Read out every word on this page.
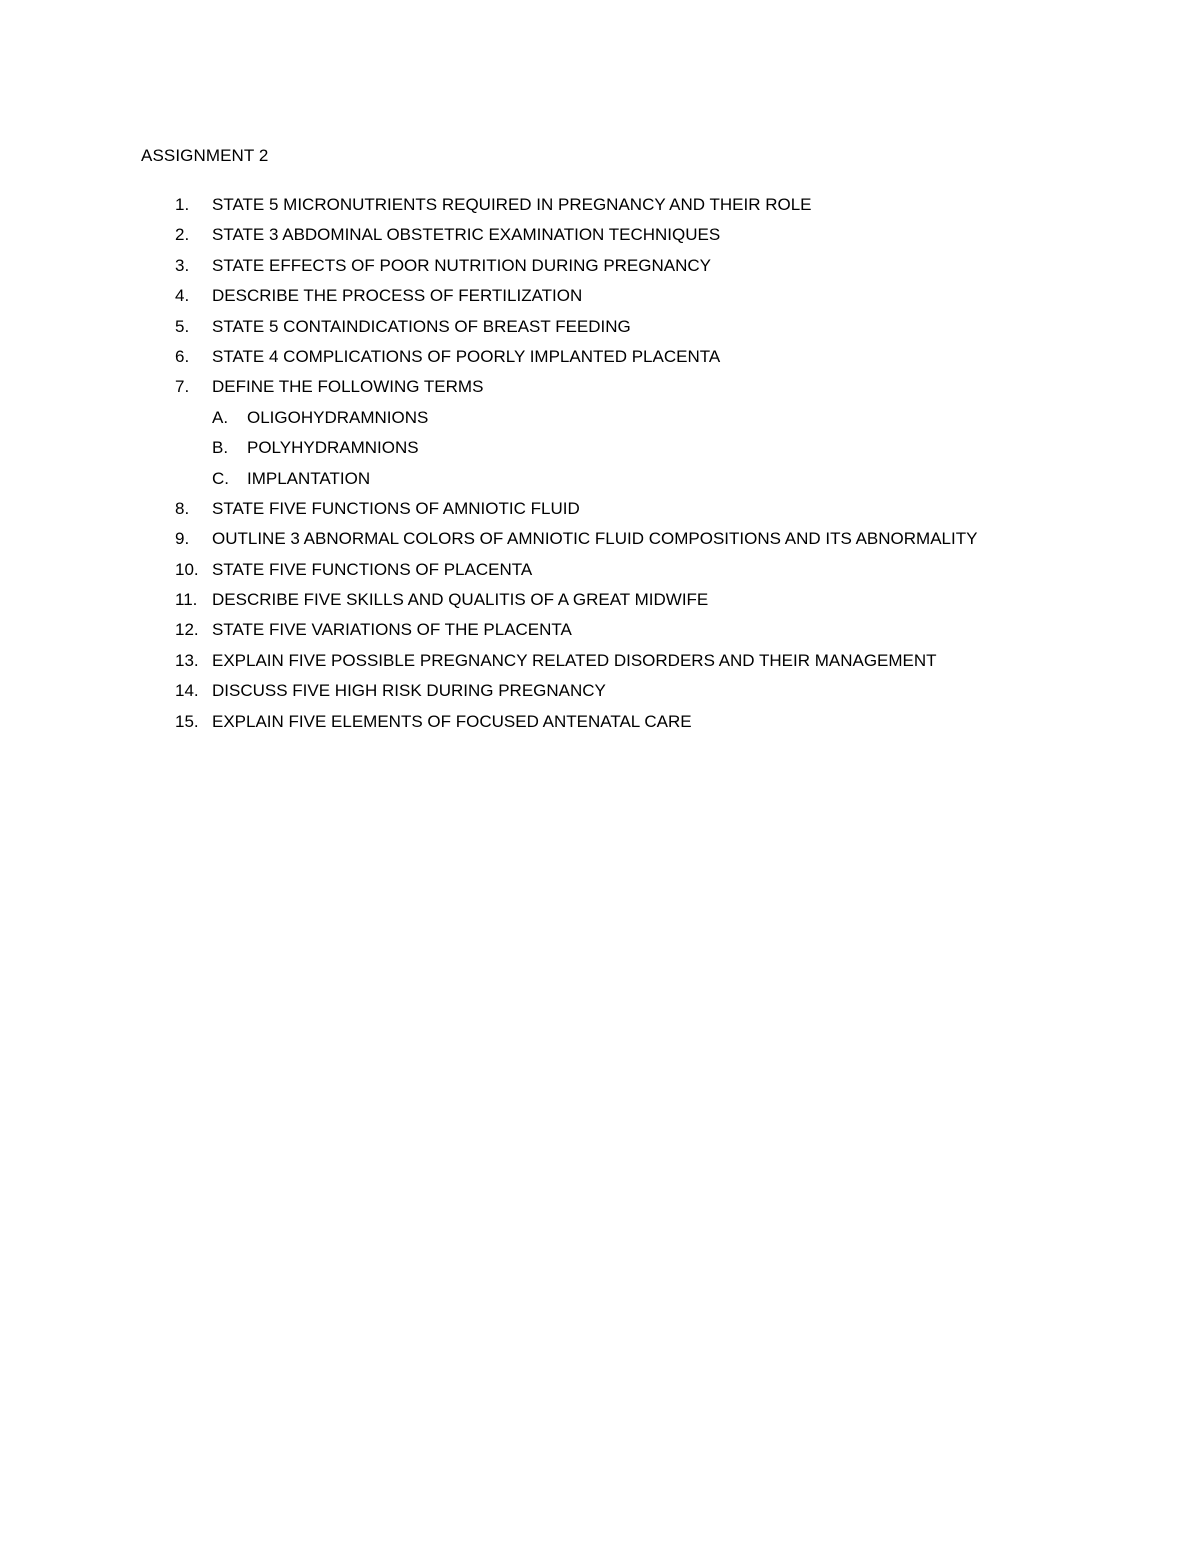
ASSIGNMENT 2
1. STATE 5 MICRONUTRIENTS REQUIRED IN PREGNANCY AND THEIR ROLE
2. STATE 3 ABDOMINAL OBSTETRIC EXAMINATION TECHNIQUES
3. STATE EFFECTS OF POOR NUTRITION DURING PREGNANCY
4. DESCRIBE THE PROCESS OF FERTILIZATION
5. STATE 5 CONTAINDICATIONS OF BREAST FEEDING
6. STATE 4 COMPLICATIONS OF POORLY IMPLANTED PLACENTA
7. DEFINE THE FOLLOWING TERMS
A. OLIGOHYDRAMNIONS
B. POLYHYDRAMNIONS
C. IMPLANTATION
8. STATE FIVE FUNCTIONS OF AMNIOTIC FLUID
9. OUTLINE 3 ABNORMAL COLORS OF AMNIOTIC FLUID COMPOSITIONS AND ITS ABNORMALITY
10. STATE FIVE FUNCTIONS OF PLACENTA
11. DESCRIBE FIVE SKILLS AND QUALITIS OF A GREAT MIDWIFE
12. STATE FIVE VARIATIONS OF THE PLACENTA
13. EXPLAIN FIVE POSSIBLE PREGNANCY RELATED DISORDERS AND THEIR MANAGEMENT
14. DISCUSS FIVE HIGH RISK DURING PREGNANCY
15. EXPLAIN FIVE ELEMENTS OF FOCUSED ANTENATAL CARE
